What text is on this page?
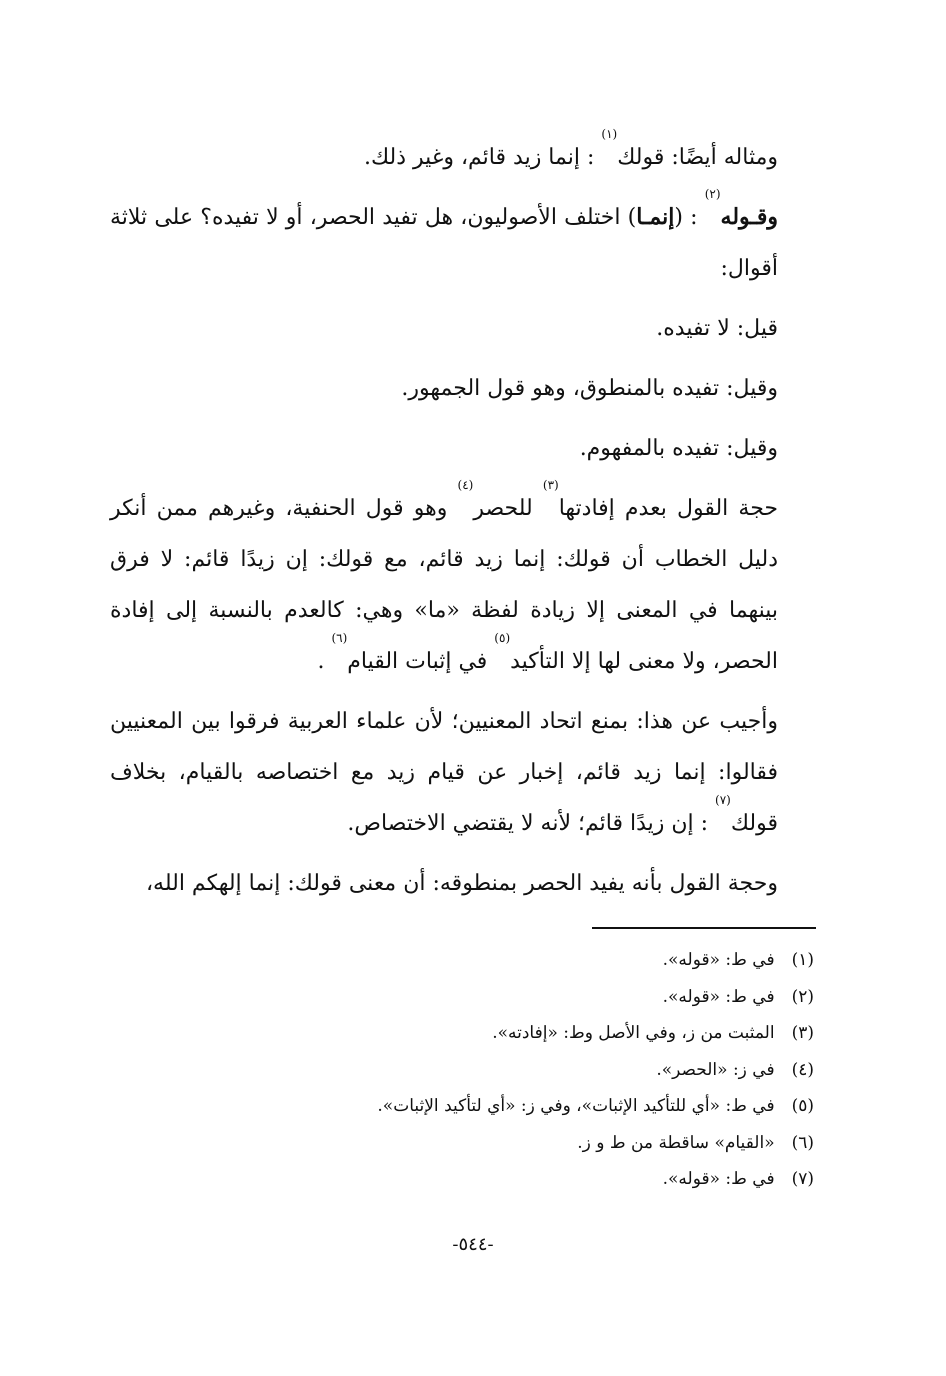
ومثاله أيضًا: قولك$^{(١)}$ : إنما زيد قائم، وغير ذلك.

وقـوله$^{(٢)}$ : (إنمـا) اختلف الأصوليون، هل تفيد الحصر، أو لا تفيده؟ على ثلاثة أقوال:

قيل: لا تفيده.

وقيل: تفيده بالمنطوق، وهو قول الجمهور.

وقيل: تفيده بالمفهوم.

حجة القول بعدم إفادتها$^{(٣)}$ للحصر$^{(٤)}$ وهو قول الحنفية، وغيرهم ممن أنكر دليل الخطاب أن قولك: إنما زيد قائم، مع قولك: إن زيدًا قائم: لا فرق بينهما في المعنى إلا زيادة لفظة «ما» وهي: كالعدم بالنسبة إلى إفادة الحصر، ولا معنى لها إلا التأكيد$^{(٥)}$ في إثبات القيام$^{(٦)}$ .

وأجيب عن هذا: بمنع اتحاد المعنيين؛ لأن علماء العربية فرقوا بين المعنيين فقالوا: إنما زيد قائم، إخبار عن قيام زيد مع اختصاصه بالقيام، بخلاف قولك$^{(٧)}$ : إن زيدًا قائم؛ لأنه لا يقتضي الاختصاص.

وحجة القول بأنه يفيد الحصر بمنطوقه: أن معنى قولك: إنما إلهكم الله،

(١) في ط: «قوله».
(٢) في ط: «قوله».
(٣) المثبت من ز، وفي الأصل وط: «إفادته».
(٤) في ز: «الحصر».
(٥) في ط: «أي للتأكيد الإثبات»، وفي ز: «أي لتأكيد الإثبات».
(٦) «القيام» ساقطة من ط و ز.
(٧) في ط: «قوله».
-٥٤٤-
